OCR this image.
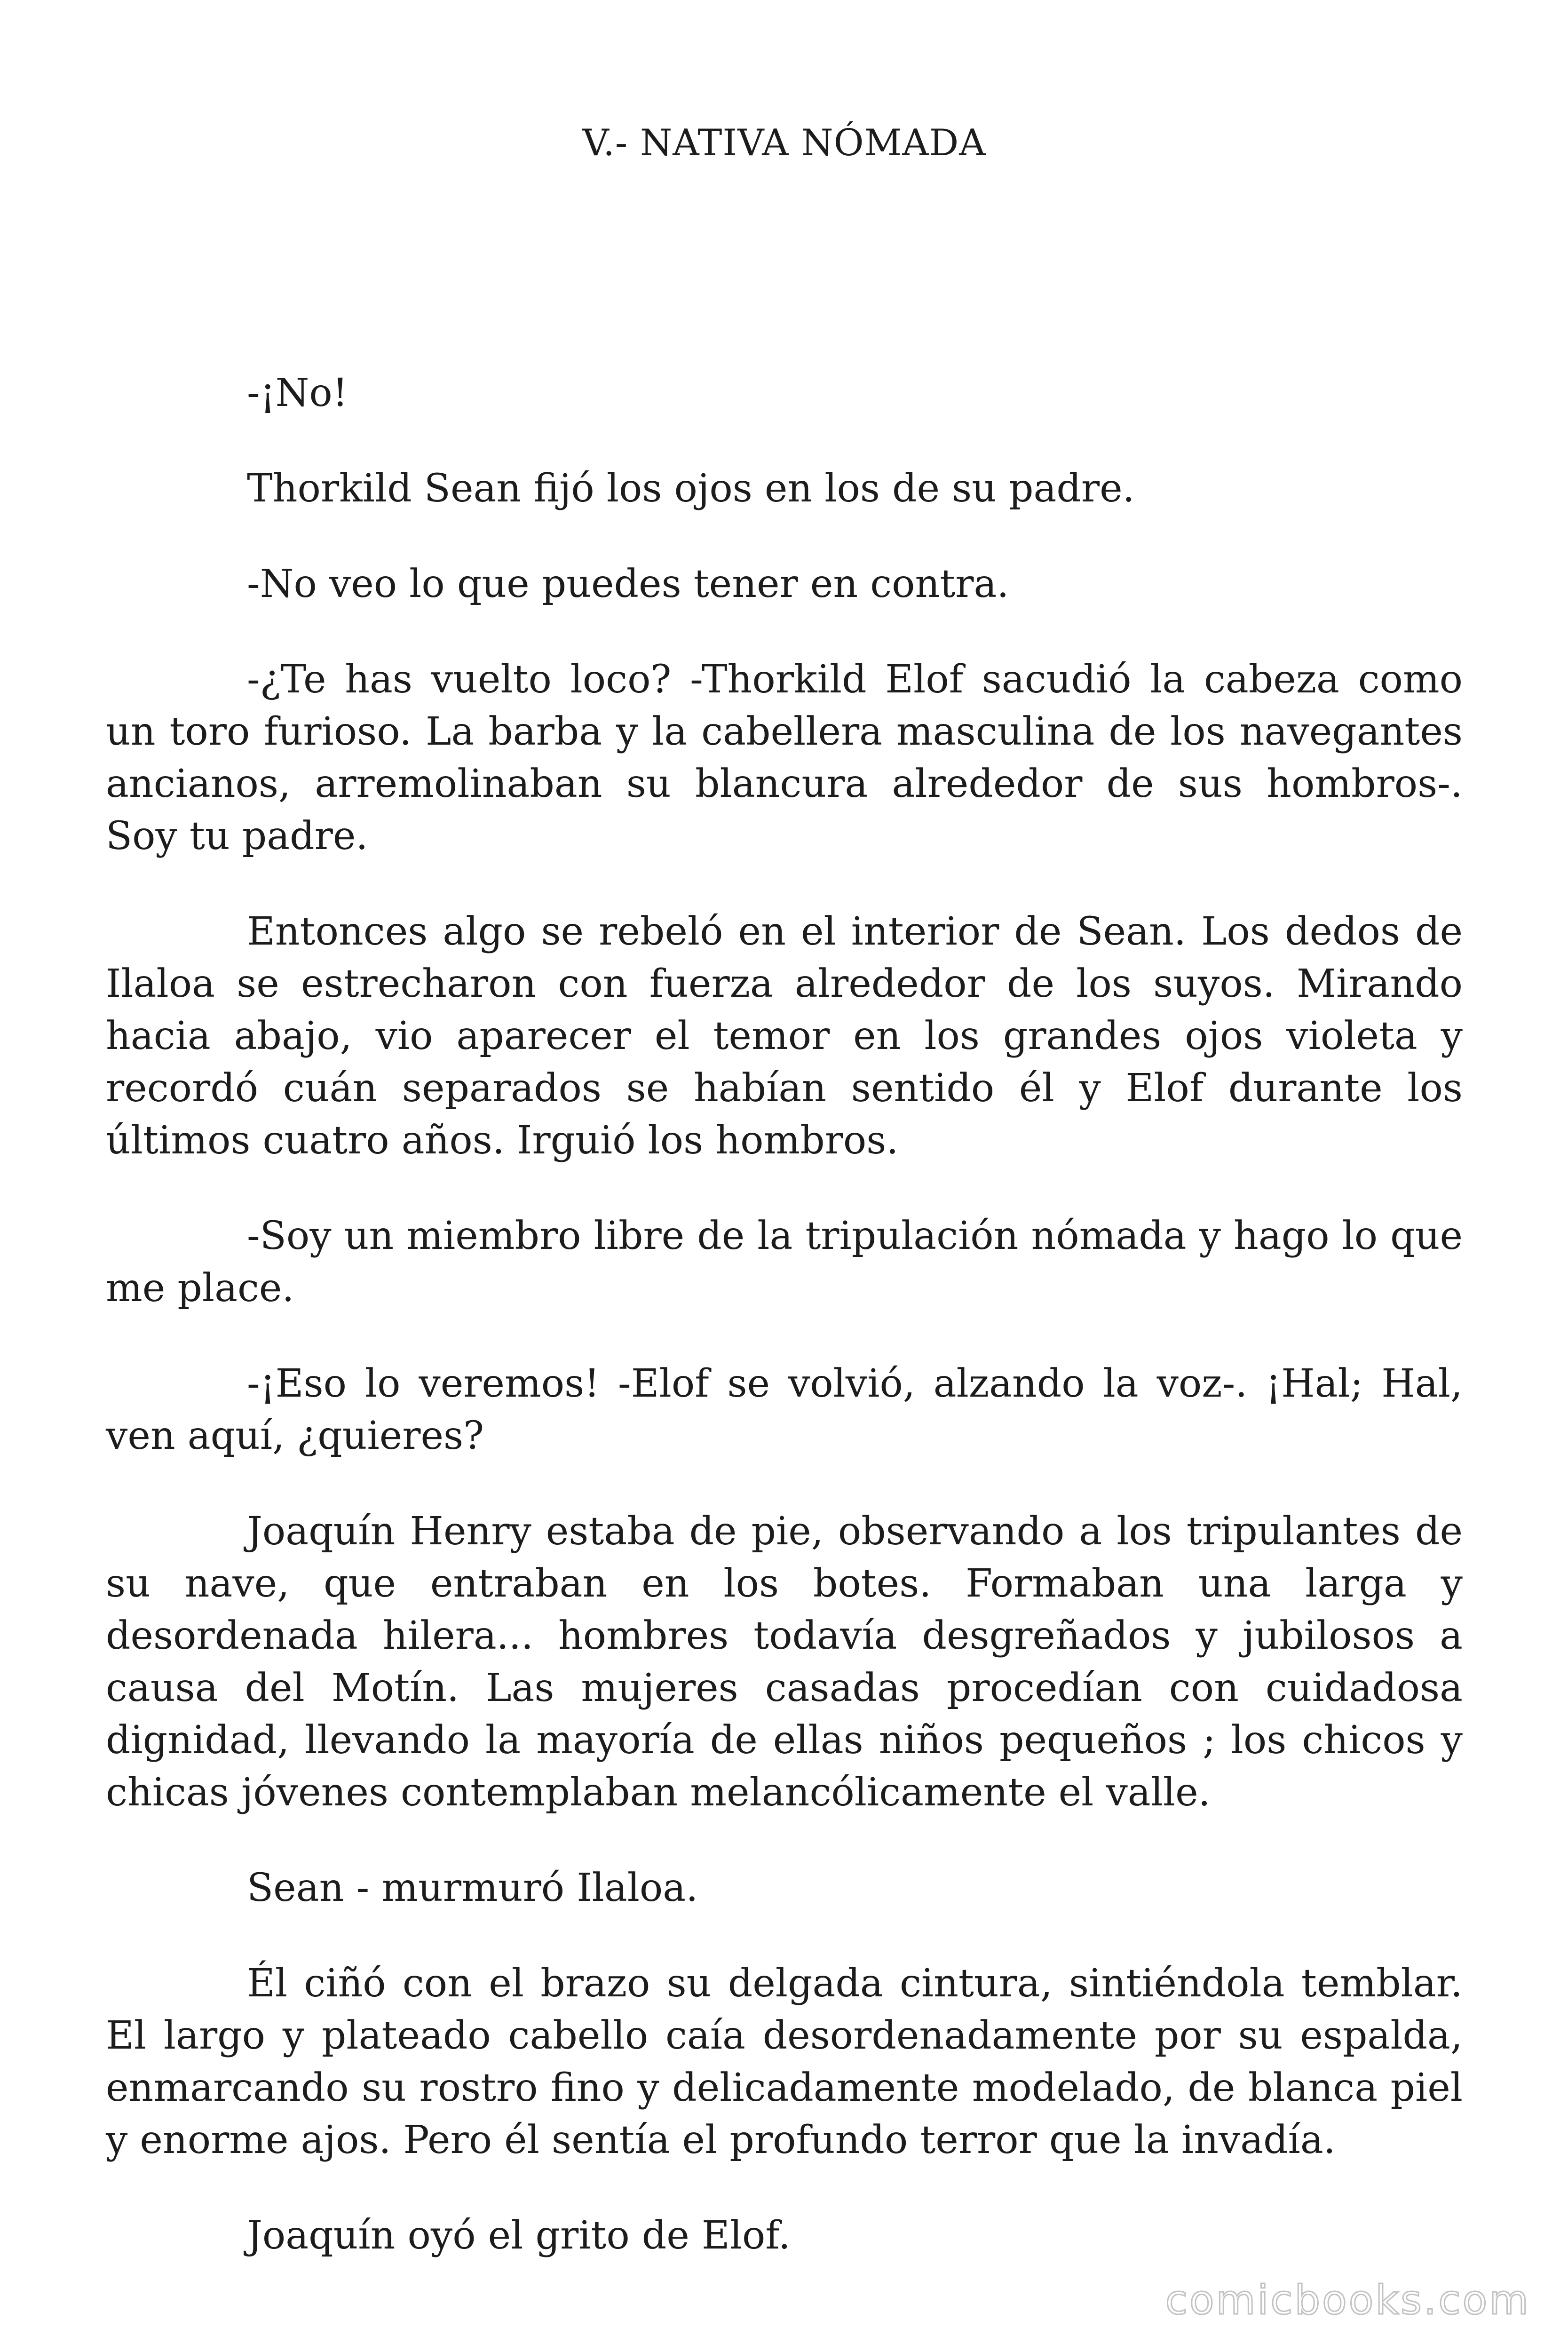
V.- NATIVA NÓMADA

-¡No!

Thorkild Sean fijó los ojos en los de su padre.

-No veo lo que puedes tener en contra.

-¿Te has vuelto loco? -Thorkild Elof sacudió la cabeza como un toro furioso. La barba y la cabellera masculina de los navegantes ancianos, arremolinaban su blancura alrededor de sus hombros-. Soy tu padre.

Entonces algo se rebeló en el interior de Sean. Los dedos de Ilaloa se estrecharon con fuerza alrededor de los suyos. Mirando hacia abajo, vio aparecer el temor en los grandes ojos violeta y recordó cuán separados se habían sentido él y Elof durante los últimos cuatro años. Irguió los hombros.

-Soy un miembro libre de la tripulación nómada y hago lo que me place.

-¡Eso lo veremos! -Elof se volvió, alzando la voz-. ¡Hal; Hal, ven aquí, ¿quieres?

Joaquín Henry estaba de pie, observando a los tripulantes de su nave, que entraban en los botes. Formaban una larga y desordenada hilera... hombres todavía desgreñados y jubilosos a causa del Motín. Las mujeres casadas procedían con cuidadosa dignidad, llevando la mayoría de ellas niños pequeños ; los chicos y chicas jóvenes contemplaban melancólicamente el valle.

Sean - murmuró Ilaloa.

Él ciñó con el brazo su delgada cintura, sintiéndola temblar. El largo y plateado cabello caía desordenadamente por su espalda, enmarcando su rostro fino y delicadamente modelado, de blanca piel y enorme ajos. Pero él sentía el profundo terror que la invadía.

Joaquín oyó el grito de Elof.

comicbooks.com
